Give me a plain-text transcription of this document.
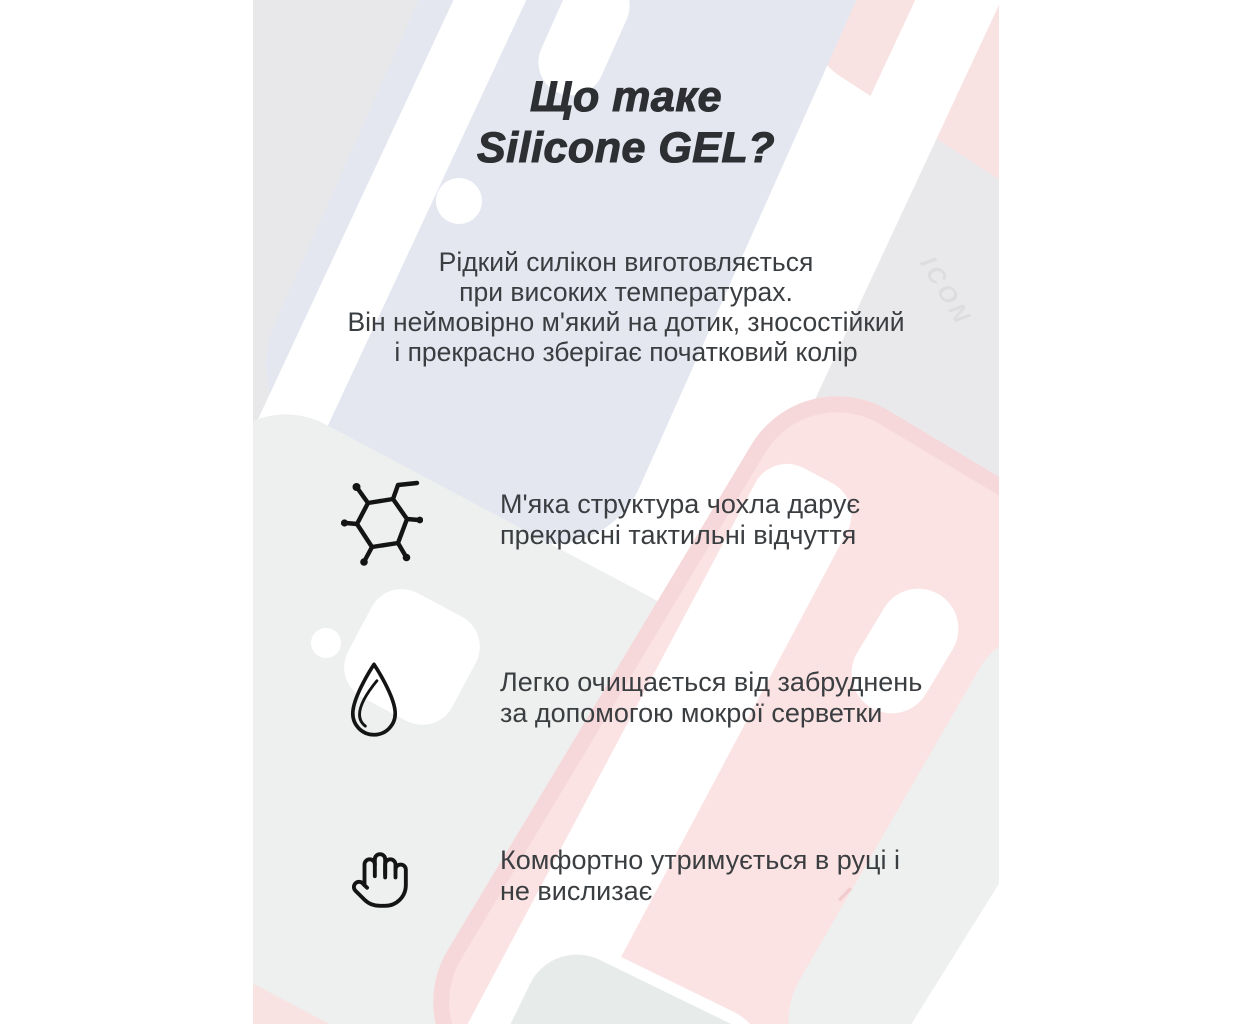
ICON
Що таке
Silicone GEL?
Рідкий силікон виготовляється
при високих температурах.
Він неймовірно м'який на дотик, зносостійкий
і прекрасно зберігає початковий колір
М'яка структура чохла дарує
прекрасні тактильні відчуття
Легко очищається від забруднень
за допомогою мокрої серветки
Комфортно утримується в руці і
не вислизає
